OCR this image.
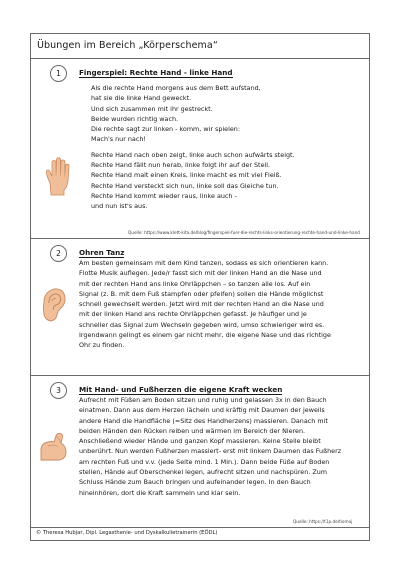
Übungen im Bereich „Körperschema“
1	Fingerspiel: Rechte Hand - linke Hand
Als die rechte Hand morgens aus dem Bett aufstand,
hat sie die linke Hand geweckt.
Und sich zusammen mit ihr gestreckt.
Beide wurden richtig wach.
Die rechte sagt zur linken - komm, wir spielen:
Mach's nur nach!
Rechte Hand nach oben zeigt, linke auch schon aufwärts steigt.
Rechte Hand fällt nun herab, linke folgt ihr auf der Stell.
Rechte Hand malt einen Kreis, linke macht es mit viel Fleiß.
Rechte Hand versteckt sich nun, linke soll das Gleiche tun.
Rechte Hand kommt wieder raus, linke auch -
und nun ist's aus.
Quelle: https://www.klett-kita.de/blog/fingerspiel-fuer-die-rechts-links-orientierung-rechte-hand-und-linke-hand
2	Ohren Tanz
Am besten gemeinsam mit dem Kind tanzen, sodass es sich orientieren kann.
Flotte Musik auflegen. Jede/r fasst sich mit der linken Hand an die Nase und
mit der rechten Hand ans linke Ohrläppchen – so tanzen alle los. Auf ein
Signal (z. B. mit dem Fuß stampfen oder pfeifen) sollen die Hände möglichst
schnell gewechselt werden. Jetzt wird mit der rechten Hand an die Nase und
mit der linken Hand ans rechte Ohrläppchen gefasst. Je häufiger und je
schneller das Signal zum Wechseln gegeben wird, umso schwieriger wird es.
Irgendwann gelingt es einem gar nicht mehr, die eigene Nase und das richtige
Ohr zu finden.
3	Mit Hand- und Fußherzen die eigene Kraft wecken
Aufrecht mit Füßen am Boden sitzen und ruhig und gelassen 3x in den Bauch
einatmen. Dann aus dem Herzen lächeln und kräftig mit Daumen der jeweils
andere Hand die Handfläche (=Sitz des Handherzens) massieren. Danach mit
beiden Händen den Rücken reiben und wärmen im Bereich der Nieren.
Anschließend wieder Hände und ganzen Kopf massieren. Keine Stelle bleibt
unberührt. Nun werden Fußherzen massiert- erst mit linkem Daumen das Fußherz
am rechten Fuß und v.v. (jede Seite mind. 1 Min.). Dann beide Füße auf Boden
stellen, Hände auf Oberschenkel legen, aufrecht sitzen und nachspüren. Zum
Schluss Hände zum Bauch bringen und aufeinander legen. In den Bauch
hineinhören, dort die Kraft sammeln und klar sein.
Quelle: https://t1p.de/tiomoj
© Theresa Hubjar, Dipl. Legasthenie- und Dyskalkulietrainerin (EÖDL)
